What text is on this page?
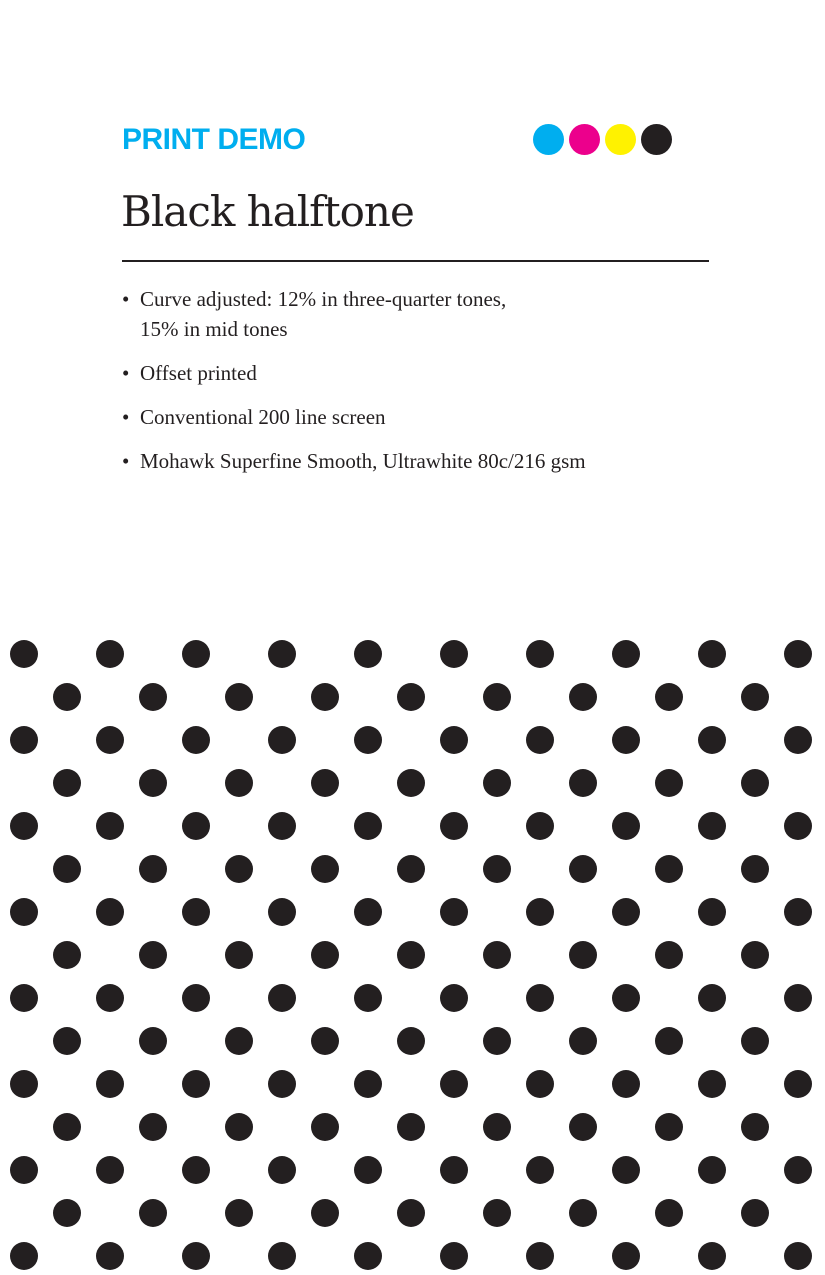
PRINT DEMO
Black halftone
• Curve adjusted: 12% in three-quarter tones,
15% in mid tones
• Offset printed
• Conventional 200 line screen
• Mohawk Superfine Smooth, Ultrawhite 80c/216 gsm
